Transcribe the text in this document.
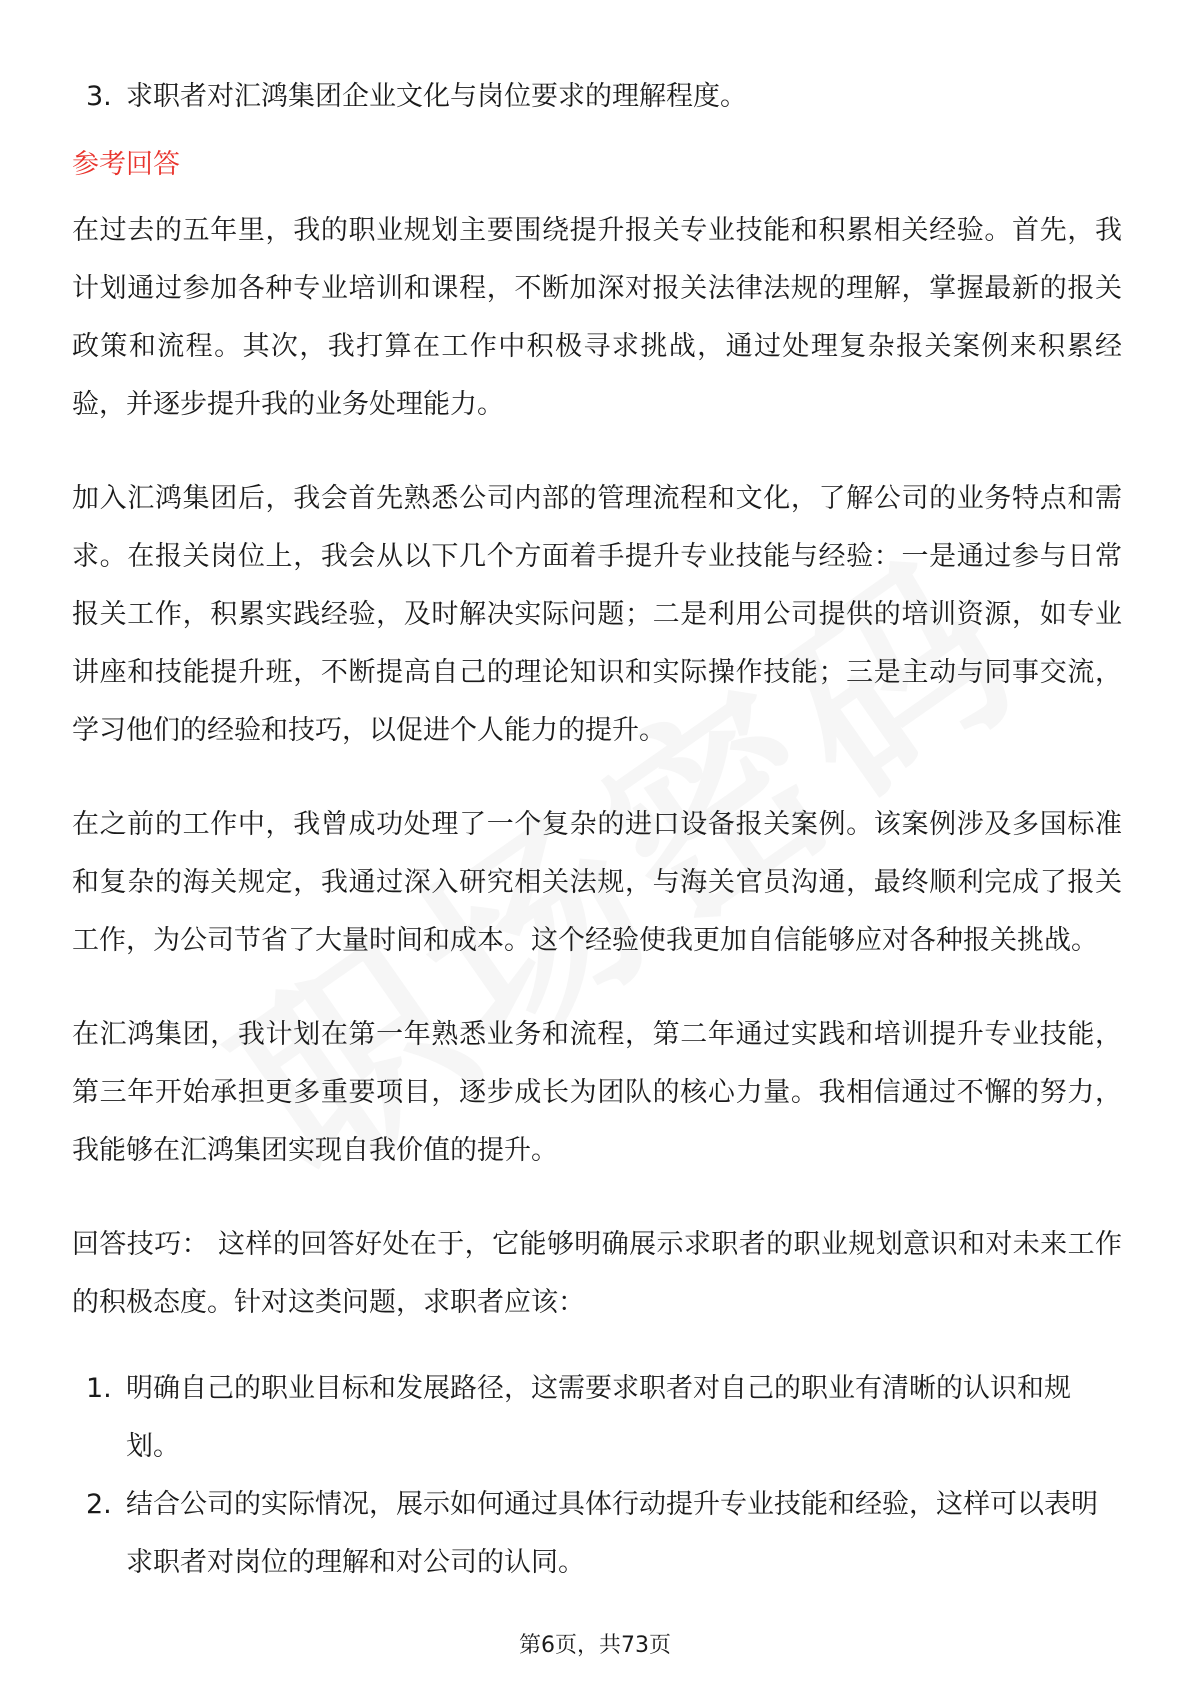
3. 求职者对汇鸿集团企业文化与岗位要求的理解程度。
参考回答

在过去的五年里，我的职业规划主要围绕提升报关专业技能和积累相关经验。首先，我计划通过参加各种专业培训和课程，不断加深对报关法律法规的理解，掌握最新的报关政策和流程。其次，我打算在工作中积极寻求挑战，通过处理复杂报关案例来积累经验，并逐步提升我的业务处理能力。

加入汇鸿集团后，我会首先熟悉公司内部的管理流程和文化，了解公司的业务特点和需求。在报关岗位上，我会从以下几个方面着手提升专业技能与经验：一是通过参与日常报关工作，积累实践经验，及时解决实际问题；二是利用公司提供的培训资源，如专业讲座和技能提升班，不断提高自己的理论知识和实际操作技能；三是主动与同事交流，学习他们的经验和技巧，以促进个人能力的提升。

在之前的工作中，我曾成功处理了一个复杂的进口设备报关案例。该案例涉及多国标准和复杂的海关规定，我通过深入研究相关法规，与海关官员沟通，最终顺利完成了报关工作，为公司节省了大量时间和成本。这个经验使我更加自信能够应对各种报关挑战。

在汇鸿集团，我计划在第一年熟悉业务和流程，第二年通过实践和培训提升专业技能，第三年开始承担更多重要项目，逐步成长为团队的核心力量。我相信通过不懈的努力，我能够在汇鸿集团实现自我价值的提升。

回答技巧： 这样的回答好处在于，它能够明确展示求职者的职业规划意识和对未来工作的积极态度。针对这类问题，求职者应该：

1. 明确自己的职业目标和发展路径，这需要求职者对自己的职业有清晰的认识和规划。
2. 结合公司的实际情况，展示如何通过具体行动提升专业技能和经验，这样可以表明求职者对岗位的理解和对公司的认同。
第6页，共73页
